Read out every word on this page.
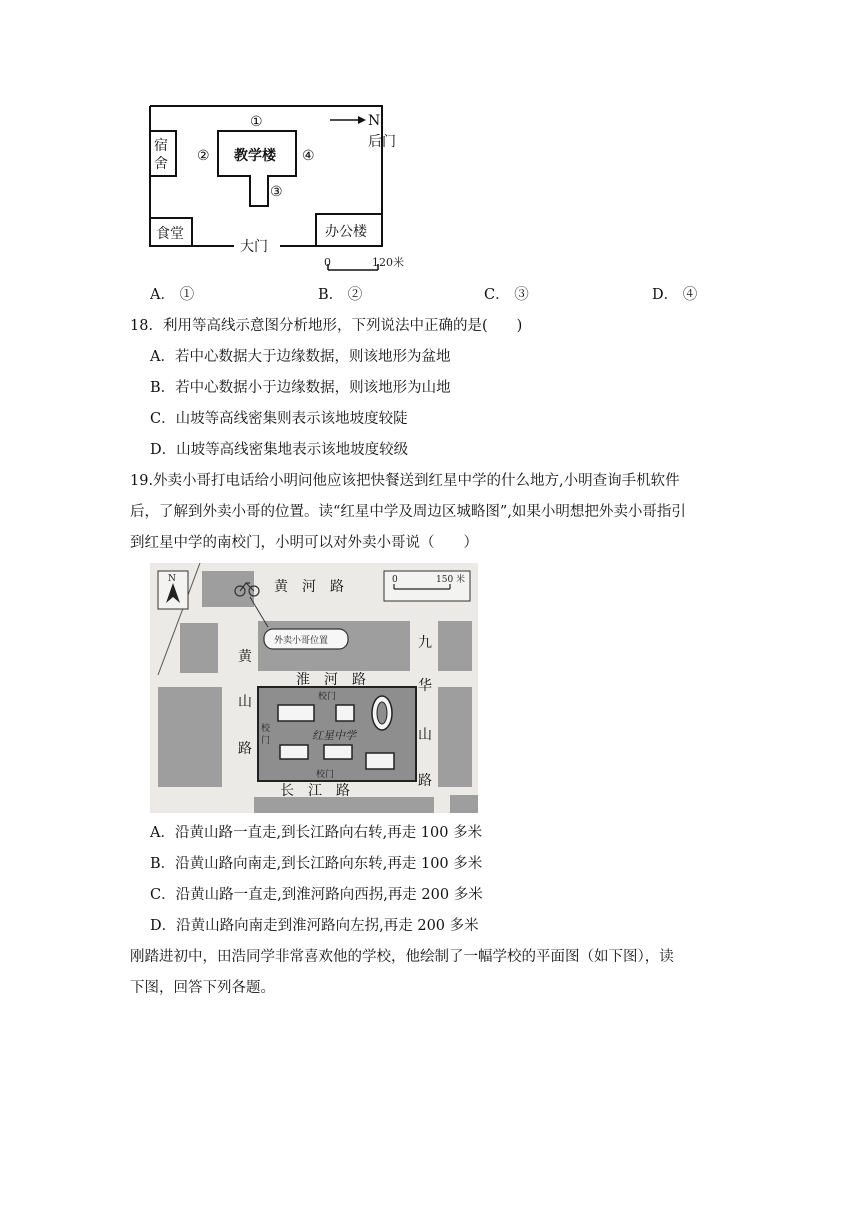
宿
舍	教学楼
食堂	办公楼
大门
后门
N
①
②
③
④
0	120米
A． ①	B． ②	C． ③	D． ④
18．利用等高线示意图分析地形，下列说法中正确的是(　　)
A．若中心数据大于边缘数据，则该地形为盆地
B．若中心数据小于边缘数据，则该地形为山地
C．山坡等高线密集则表示该地坡度较陡
D．山坡等高线密集地表示该地坡度较级
19.外卖小哥打电话给小明问他应该把快餐送到红星中学的什么地方,小明查询手机软件
后，了解到外卖小哥的位置。读“红星中学及周边区城略图”,如果小明想把外卖小哥指引
到红星中学的南校门，小明可以对外卖小哥说（　　）
校门
校
门
校门
红星中学
黄　河　路
淮　河　路
长　江　路
黄
山
路
九
华
山
路
N	0	150 米
外卖小哥位置
A．沿黄山路一直走,到长江路向右转,再走 100 多米
B．沿黄山路向南走,到长江路向东转,再走 100 多米
C．沿黄山路一直走,到淮河路向西拐,再走 200 多米
D．沿黄山路向南走到淮河路向左拐,再走 200 多米
刚踏进初中，田浩同学非常喜欢他的学校，他绘制了一幅学校的平面图（如下图），读
下图，回答下列各题。
